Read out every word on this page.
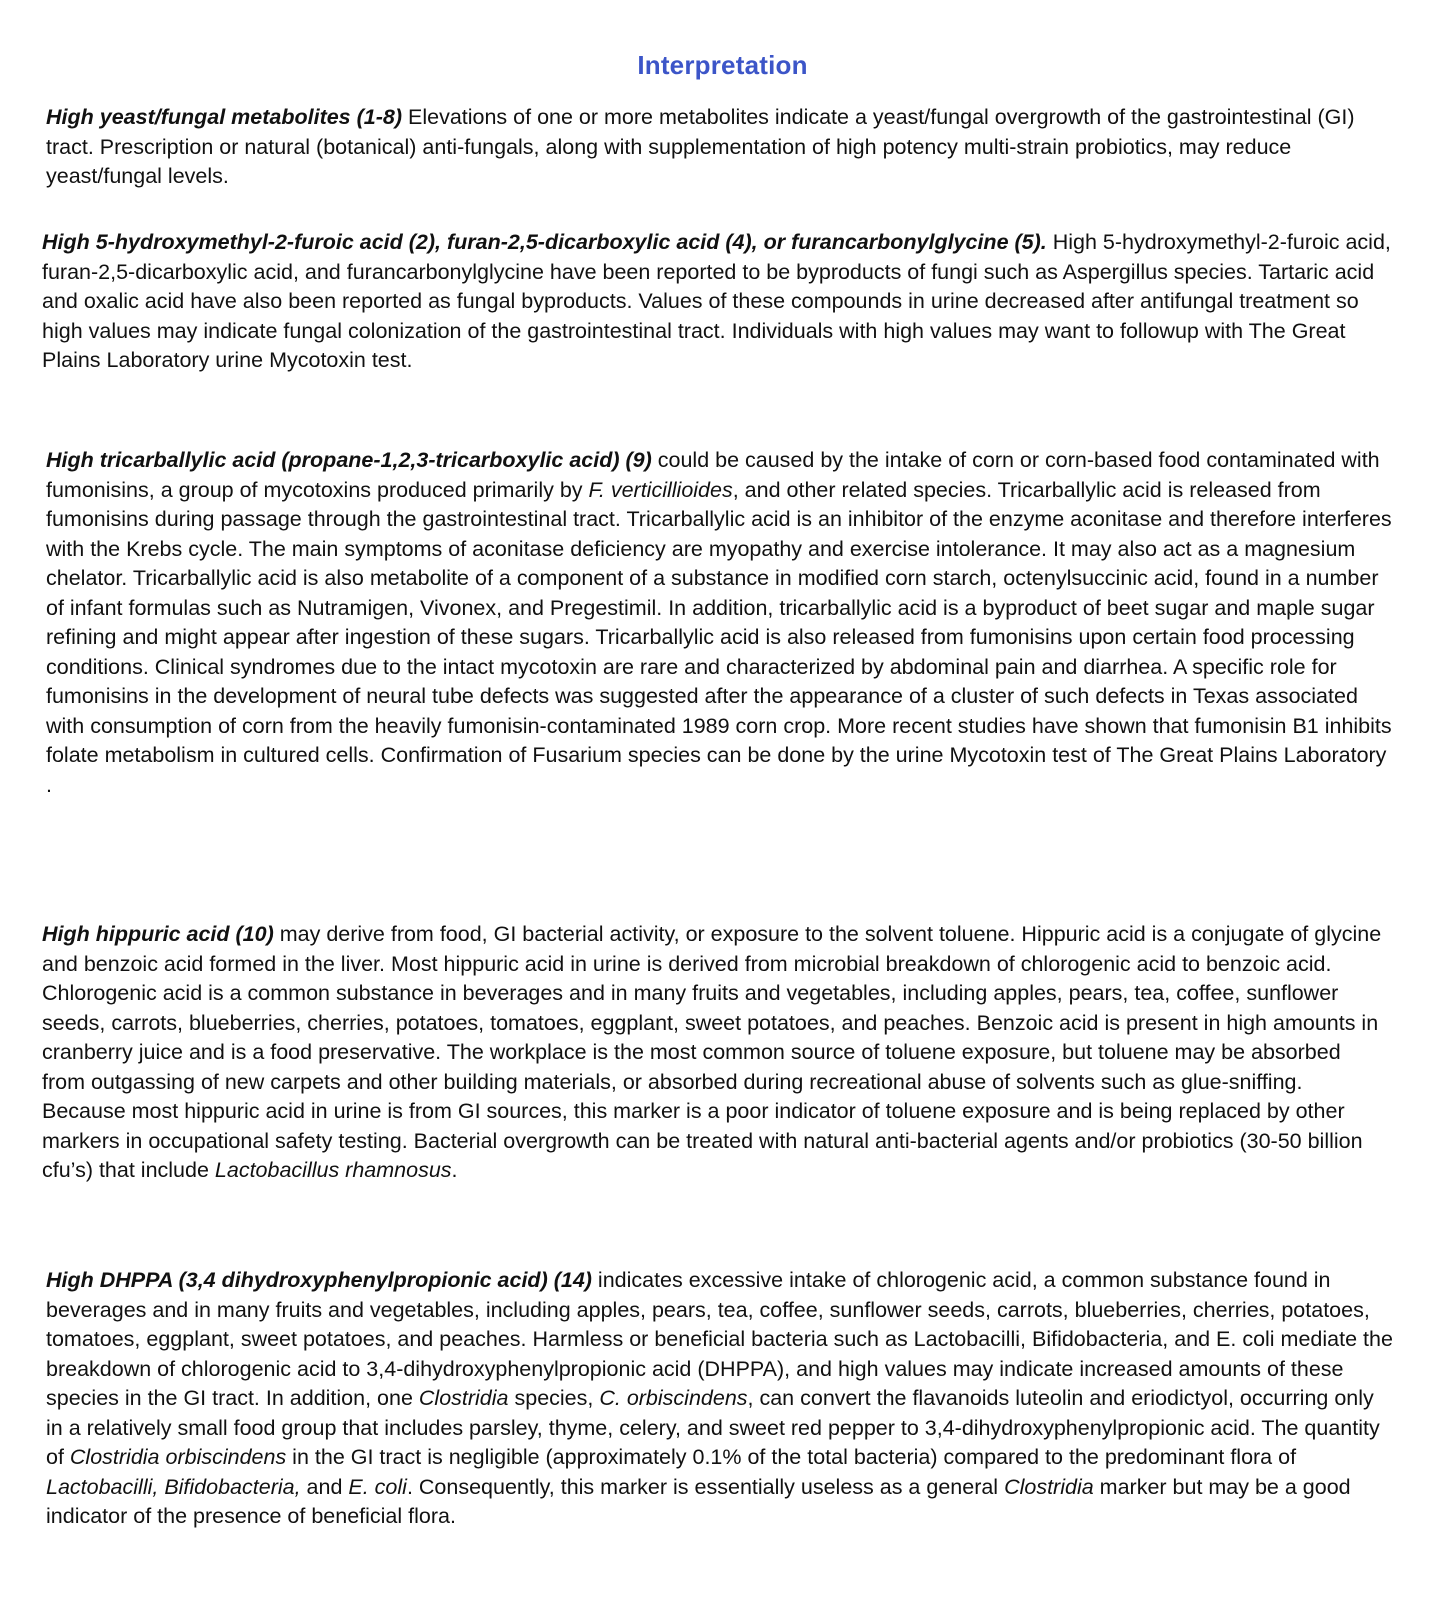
Interpretation

High yeast/fungal metabolites (1-8) Elevations of one or more metabolites indicate a yeast/fungal overgrowth of the gastrointestinal (GI) tract. Prescription or natural (botanical) anti-fungals, along with supplementation of high potency multi-strain probiotics, may reduce yeast/fungal levels.

High 5-hydroxymethyl-2-furoic acid (2), furan-2,5-dicarboxylic acid (4), or furancarbonylglycine (5). High 5-hydroxymethyl-2-furoic acid, furan-2,5-dicarboxylic acid, and furancarbonylglycine have been reported to be byproducts of fungi such as Aspergillus species. Tartaric acid and oxalic acid have also been reported as fungal byproducts. Values of these compounds in urine decreased after antifungal treatment so high values may indicate fungal colonization of the gastrointestinal tract. Individuals with high values may want to followup with The Great Plains Laboratory urine Mycotoxin test.

High tricarballylic acid (propane-1,2,3-tricarboxylic acid) (9) could be caused by the intake of corn or corn-based food contaminated with fumonisins, a group of mycotoxins produced primarily by F. verticillioides, and other related species. Tricarballylic acid is released from fumonisins during passage through the gastrointestinal tract. Tricarballylic acid is an inhibitor of the enzyme aconitase and therefore interferes with the Krebs cycle. The main symptoms of aconitase deficiency are myopathy and exercise intolerance. It may also act as a magnesium chelator. Tricarballylic acid is also metabolite of a component of a substance in modified corn starch, octenylsuccinic acid, found in a number of infant formulas such as Nutramigen, Vivonex, and Pregestimil. In addition, tricarballylic acid is a byproduct of beet sugar and maple sugar refining and might appear after ingestion of these sugars. Tricarballylic acid is also released from fumonisins upon certain food processing conditions. Clinical syndromes due to the intact mycotoxin are rare and characterized by abdominal pain and diarrhea. A specific role for fumonisins in the development of neural tube defects was suggested after the appearance of a cluster of such defects in Texas associated with consumption of corn from the heavily fumonisin-contaminated 1989 corn crop. More recent studies have shown that fumonisin B1 inhibits folate metabolism in cultured cells. Confirmation of Fusarium species can be done by the urine Mycotoxin test of The Great Plains Laboratory .

High hippuric acid (10) may derive from food, GI bacterial activity, or exposure to the solvent toluene. Hippuric acid is a conjugate of glycine and benzoic acid formed in the liver. Most hippuric acid in urine is derived from microbial breakdown of chlorogenic acid to benzoic acid. Chlorogenic acid is a common substance in beverages and in many fruits and vegetables, including apples, pears, tea, coffee, sunflower seeds, carrots, blueberries, cherries, potatoes, tomatoes, eggplant, sweet potatoes, and peaches. Benzoic acid is present in high amounts in cranberry juice and is a food preservative. The workplace is the most common source of toluene exposure, but toluene may be absorbed from outgassing of new carpets and other building materials, or absorbed during recreational abuse of solvents such as glue-sniffing. Because most hippuric acid in urine is from GI sources, this marker is a poor indicator of toluene exposure and is being replaced by other markers in occupational safety testing. Bacterial overgrowth can be treated with natural anti-bacterial agents and/or probiotics (30-50 billion cfu’s) that include Lactobacillus rhamnosus.

High DHPPA (3,4 dihydroxyphenylpropionic acid) (14) indicates excessive intake of chlorogenic acid, a common substance found in beverages and in many fruits and vegetables, including apples, pears, tea, coffee, sunflower seeds, carrots, blueberries, cherries, potatoes, tomatoes, eggplant, sweet potatoes, and peaches. Harmless or beneficial bacteria such as Lactobacilli, Bifidobacteria, and E. coli mediate the breakdown of chlorogenic acid to 3,4-dihydroxyphenylpropionic acid (DHPPA), and high values may indicate increased amounts of these species in the GI tract. In addition, one Clostridia species, C. orbiscindens, can convert the flavanoids luteolin and eriodictyol, occurring only in a relatively small food group that includes parsley, thyme, celery, and sweet red pepper to 3,4-dihydroxyphenylpropionic acid. The quantity of Clostridia orbiscindens in the GI tract is negligible (approximately 0.1% of the total bacteria) compared to the predominant flora of Lactobacilli, Bifidobacteria, and E. coli. Consequently, this marker is essentially useless as a general Clostridia marker but may be a good indicator of the presence of beneficial flora.
